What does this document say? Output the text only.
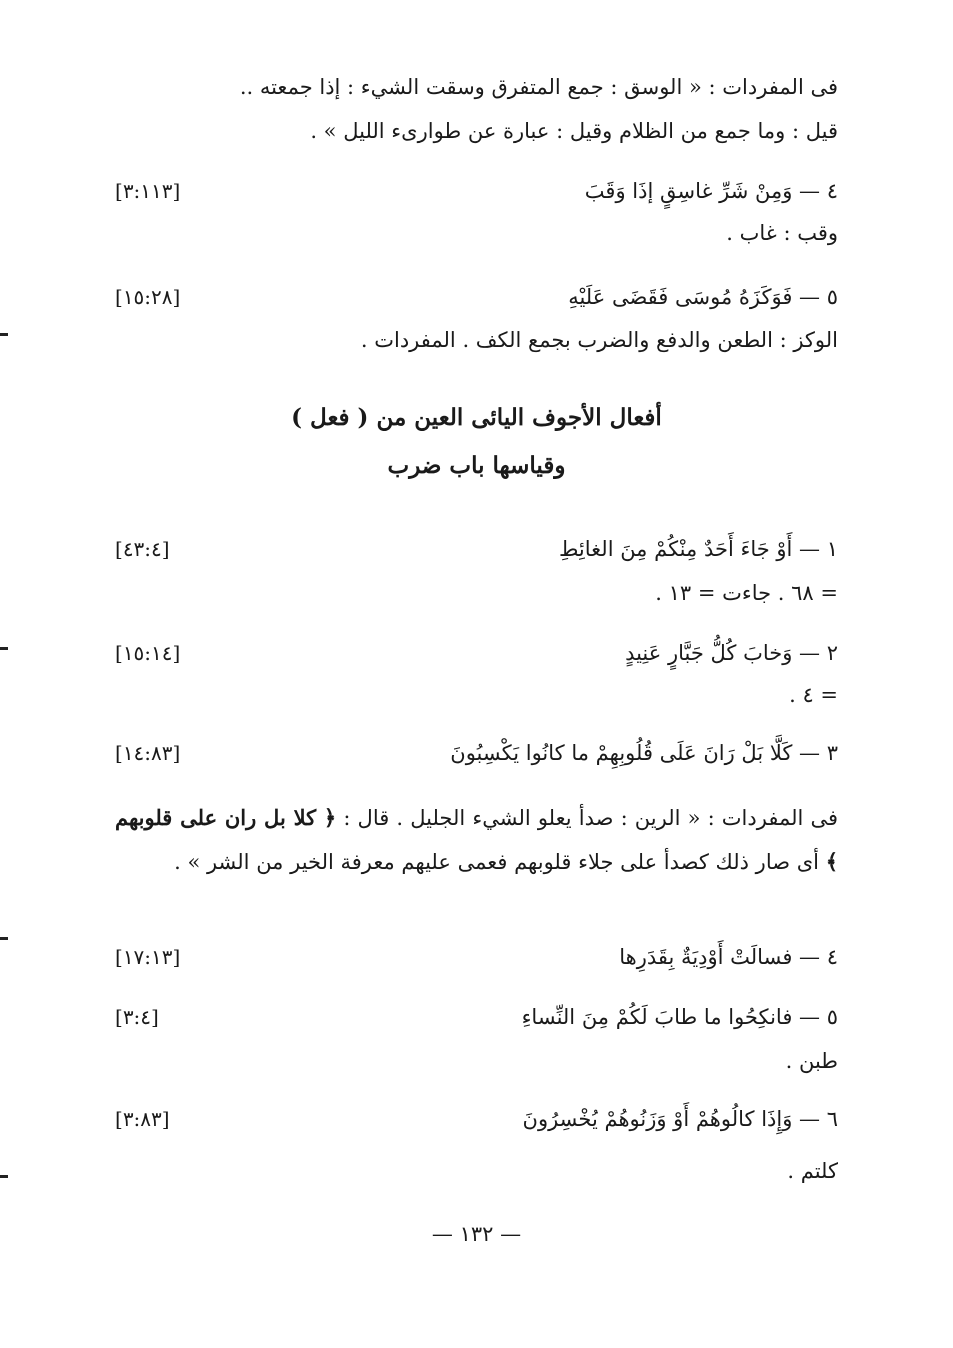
فى المفردات : « الوسق : جمع المتفرق وسقت الشيء : إذا جمعته ..
قيل : وما جمع من الظلام وقيل : عبارة عن طوارىء الليل » .
٤ — وَمِنْ شَرِّ غاسِقٍ إذَا وَقَبَ
[٣:١١٣]
وقب : غاب .
٥ — فَوَكَزَهُ مُوسَى فَقَضَى عَلَيْهِ
[١٥:٢٨]
الوكز : الطعن والدفع والضرب بجمع الكف . المفردات .
أفعال الأجوف اليائى العين من ( فعل )
وقياسها باب ضرب
١ — أَوْ جَاءَ أَحَدٌ مِنْكُمْ مِنَ الغائِطِ
[٤٣:٤]
= ٦٨ . جاءت = ١٣ .
٢ — وَخابَ كُلُّ جَبَّارٍ عَنِيدٍ
[١٥:١٤]
= ٤ .
٣ — كَلَّا بَلْ رَانَ عَلَى قُلُوبِهِمْ ما كانُوا يَكْسِبُونَ
[١٤:٨٣]
فى المفردات : « الرين : صدأ يعلو الشيء الجليل . قال : ﴿ كلا بل ران على قلوبهم ﴾ أى صار ذلك كصدأ على جلاء قلوبهم فعمى عليهم معرفة الخير من الشر » .
٤ — فسالَتْ أَوْدِيَةٌ بِقَدَرِها
[١٧:١٣]
٥ — فانكِحُوا ما طابَ لَكُمْ مِنَ النِّساءِ
[٣:٤]
طبن .
٦ — وَإِذَا كالُوهُمْ أَوْ وَزَنُوهُمْ يُخْسِرُونَ
[٣:٨٣]
كلتم .
— ١٣٢ —
